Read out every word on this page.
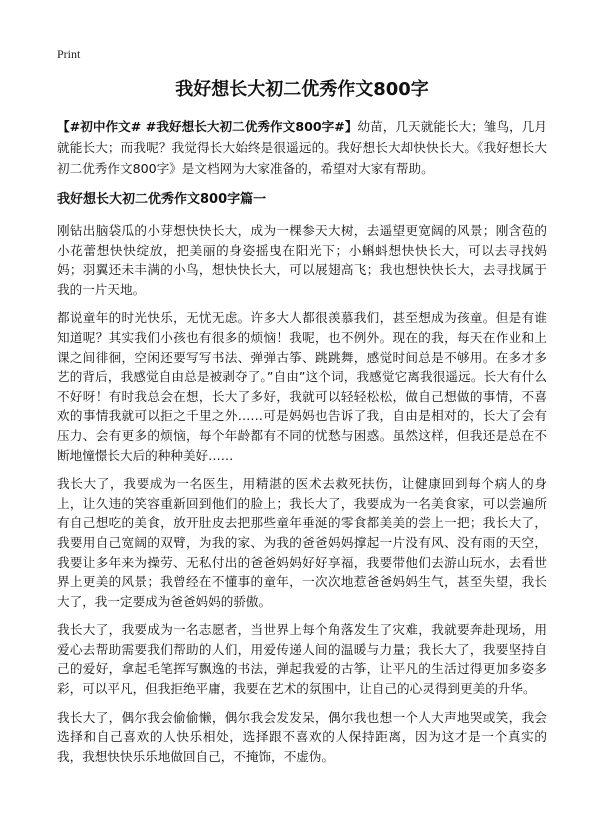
Print
我好想长大初二优秀作文800字

【#初中作文# #我好想长大初二优秀作文800字#】幼苗，几天就能长大；雏鸟，几月就能长大；而我呢？我觉得长大始终是很遥远的。我好想长大却快快长大。《我好想长大初二优秀作文800字》是文档网为大家准备的，希望对大家有帮助。

我好想长大初二优秀作文800字篇一

刚钻出脑袋瓜的小芽想快快长大，成为一棵参天大树，去遥望更宽阔的风景；刚含苞的小花蕾想快快绽放，把美丽的身姿摇曳在阳光下；小蝌蚪想快快长大，可以去寻找妈妈；羽翼还未丰满的小鸟，想快快长大，可以展翅高飞；我也想快快长大，去寻找属于我的一片天地。

都说童年的时光快乐，无忧无虑。许多大人都很羡慕我们，甚至想成为孩童。但是有谁知道呢？其实我们小孩也有很多的烦恼！我呢，也不例外。现在的我，每天在作业和上课之间徘徊，空闲还要写写书法、弹弹古筝、跳跳舞，感觉时间总是不够用。在多才多艺的背后，我感觉自由总是被剥夺了。”自由”这个词，我感觉它离我很遥远。长大有什么不好呀！有时我总会在想，长大了多好，我就可以轻轻松松，做自己想做的事情，不喜欢的事情我就可以拒之千里之外……可是妈妈也告诉了我，自由是相对的，长大了会有压力、会有更多的烦恼，每个年龄都有不同的忧愁与困惑。虽然这样，但我还是总在不断地憧憬长大后的种种美好……

我长大了，我要成为一名医生，用精湛的医术去救死扶伤，让健康回到每个病人的身上，让久违的笑容重新回到他们的脸上；我长大了，我要成为一名美食家，可以尝遍所有自己想吃的美食，放开肚皮去把那些童年垂涎的零食都美美的尝上一把；我长大了，我要用自己宽阔的双臂，为我的家、为我的爸爸妈妈撑起一片没有风、没有雨的天空，我要让多年来为操劳、无私付出的爸爸妈妈好好享福，我要带他们去游山玩水，去看世界上更美的风景；我曾经在不懂事的童年，一次次地惹爸爸妈妈生气，甚至失望，我长大了，我一定要成为爸爸妈妈的骄傲。

我长大了，我要成为一名志愿者，当世界上每个角落发生了灾难，我就要奔赴现场，用爱心去帮助需要我们帮助的人们，用爱传递人间的温暖与力量；我长大了，我要坚持自己的爱好，拿起毛笔挥写飘逸的书法，弹起我爱的古筝，让平凡的生活过得更加多姿多彩，可以平凡，但我拒绝平庸，我要在艺术的氛围中，让自己的心灵得到更美的升华。

我长大了，偶尔我会偷偷懒，偶尔我会发发呆，偶尔我也想一个人大声地哭或笑，我会选择和自己喜欢的人快乐相处，选择跟不喜欢的人保持距离，因为这才是一个真实的我，我想快快乐乐地做回自己，不掩饰，不虚伪。
